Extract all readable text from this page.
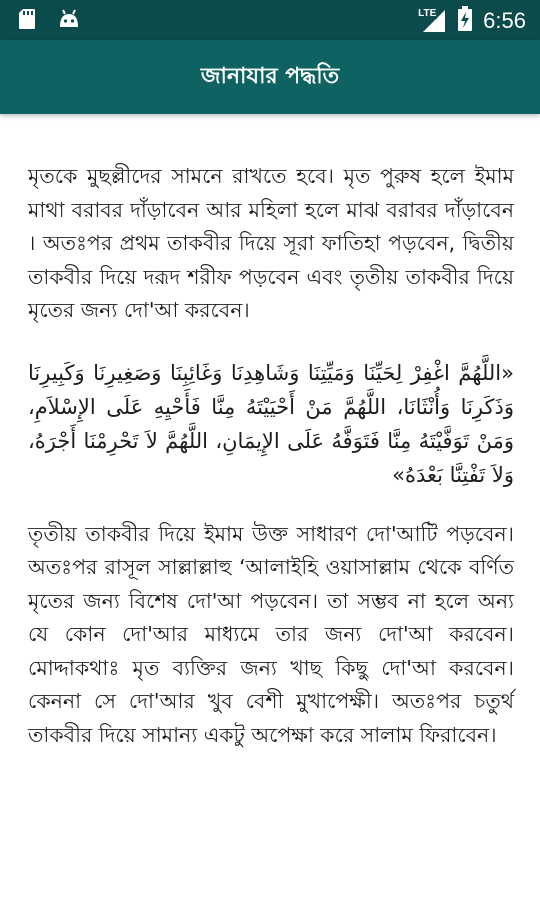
LTE 6:56
জানাযার পদ্ধতি

মৃতকে মুছল্লীদের সামনে রাখতে হবে। মৃত পুরুষ হলে ইমাম মাথা বরাবর দাঁড়াবেন আর মহিলা হলে মাঝ বরাবর দাঁড়াবেন । অতঃপর প্রথম তাকবীর দিয়ে সূরা ফাতিহা পড়বেন, দ্বিতীয় তাকবীর দিয়ে দরূদ শরীফ পড়বেন এবং তৃতীয় তাকবীর দিয়ে মৃতের জন্য দো'আ করবেন।

«اللَّهُمَّ اغْفِرْ لِحَيِّنَا وَمَيِّتِنَا وَشَاهِدِنَا وَغَائِبِنَا وَصَغِيرِنَا وَكَبِيرِنَا وَذَكَرِنَا وَأُنْثَانَا، اللَّهُمَّ مَنْ أَحْيَيْتَهُ مِنَّا فَأَحْيِهِ عَلَى الإِسْلاَمِ، وَمَنْ تَوَفَّيْتَهُ مِنَّا فَتَوَفَّهُ عَلَى الإِيمَانِ، اللَّهُمَّ لاَ تَحْرِمْنَا أَجْرَهُ، وَلاَ تَفْتِنَّا بَعْدَهُ»

তৃতীয় তাকবীর দিয়ে ইমাম উক্ত সাধারণ দো'আটি পড়বেন। অতঃপর রাসূল সাল্লাল্লাহু ‘আলাইহি ওয়াসাল্লাম থেকে বর্ণিত মৃতের জন্য বিশেষ দো'আ পড়বেন। তা সম্ভব না হলে অন্য যে কোন দো'আর মাধ্যমে তার জন্য দো'আ করবেন। মোদ্দাকথাঃ মৃত ব্যক্তির জন্য খাছ কিছু দো'আ করবেন। কেননা সে দো'আর খুব বেশী মুখাপেক্ষী। অতঃপর চতুর্থ তাকবীর দিয়ে সামান্য একটু অপেক্ষা করে সালাম ফিরাবেন।
